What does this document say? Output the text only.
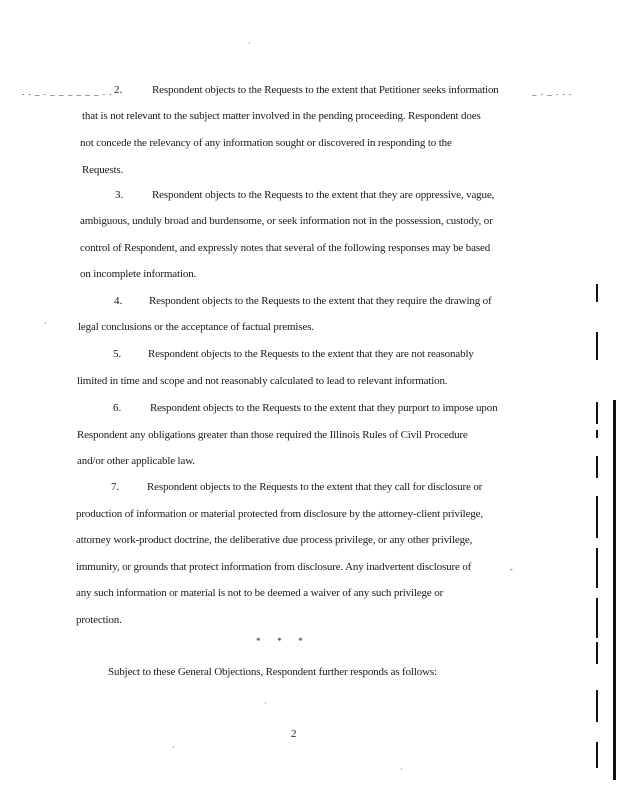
. . _ . _ _ _ _ _ _ . .	_ . _ . . .
·
·
-
·
·
·
2.	Respondent objects to the Requests to the extent that Petitioner seeks information
that is not relevant to the subject matter involved in the pending proceeding. Respondent does
not concede the relevancy of any information sought or discovered in responding to the
Requests.
3.	Respondent objects to the Requests to the extent that they are oppressive, vague,
ambiguous, unduly broad and burdensome, or seek information not in the possession, custody, or
control of Respondent, and expressly notes that several of the following responses may be based
on incomplete information.
4. Respondent objects to the Requests to the extent that they require the drawing of
legal conclusions or the acceptance of factual premises.
5. Respondent objects to the Requests to the extent that they are not reasonably
limited in time and scope and not reasonably calculated to lead to relevant information.
6.	Respondent objects to the Requests to the extent that they purport to impose upon
Respondent any obligations greater than those required the Illinois Rules of Civil Procedure
and/or other applicable law.
7.	Respondent objects to the Requests to the extent that they call for disclosure or
production of information or material protected from disclosure by the attorney-client privilege,
attorney work-product doctrine, the deliberative due process privilege, or any other privilege,
immunity, or grounds that protect information from disclosure. Any inadvertent disclosure of
any such information or material is not to be deemed a waiver of any such privilege or
protection.
*        *        *
Subject to these General Objections, Respondent further responds as follows:
2
